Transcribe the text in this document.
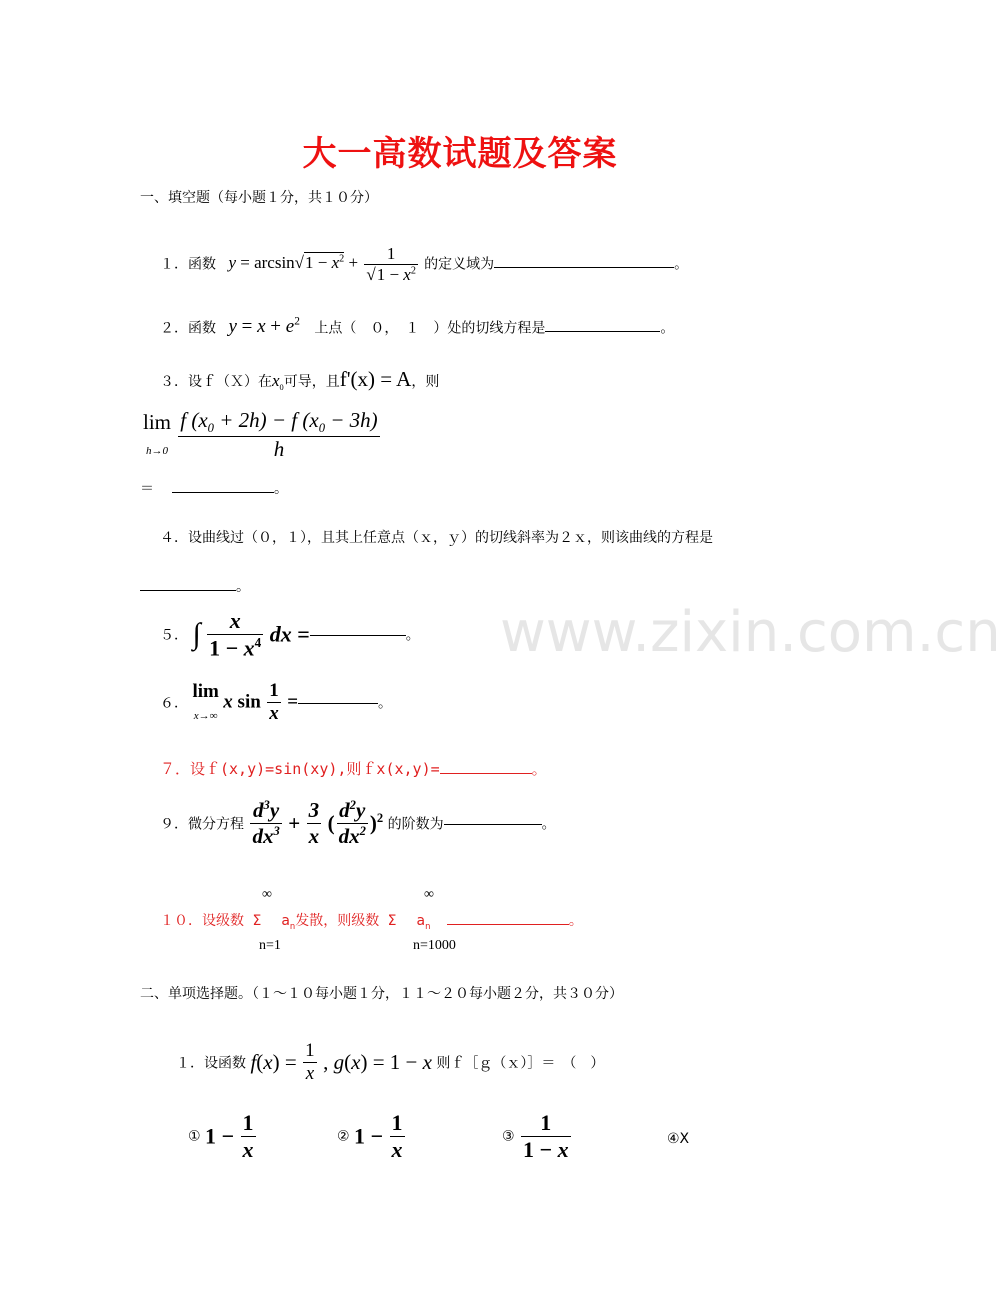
www.zixin.com.cn
大一高数试题及答案
一、填空题（每小题１分，共１０分）
１．函数 $y = \arcsin√1 - x^2 + \frac{1}{√1 - x^2}$ 的定义域为	。
２．函数 $y = x + e^2$ 上点（　０，　１　）处的切线方程是	。
３．设ｆ（Ｘ）在$x_0$可导，且f'(x) = A，则
lim
$h\to 0 \frac{f (x_0 + 2h) - f (x_0 - 3h)}{h}$
＝	。
４．设曲线过（０，１），且其上任意点（ｘ，ｙ）的切线斜率为２ｘ，则该曲线的方程是
。
５． ∫ $\frac{x}{1 - x^4}$ dx =	。
６． lim
x→∞ x $\sin \frac{1}{x}$ =	。
７．设ｆ(x,y)=sin(xy),则ｆx(x,y)=	。
９．微分方程 $\frac{d^3y}{dx^3} + \frac{3}{x}$ ( $\frac{d^2y}{dx^2} )^2$ 的阶数为	。
∞	∞
１０．设级数 Σ $a_n$发散，则级数 Σ $a_n$	。
n=1	n=1000
二、单项选择题。（１～１０每小题１分，１１～２０每小题２分，共３０分）
１．设函数 $f(x) = \frac{1}{x}$ , g(x) = 1 − x 则ｆ［ｇ（ｘ）］＝　（　）
① $1 - \frac{1}{x}$	② $1 - \frac{1}{x}$	③ $\frac{1}{1 - x}$	④X
